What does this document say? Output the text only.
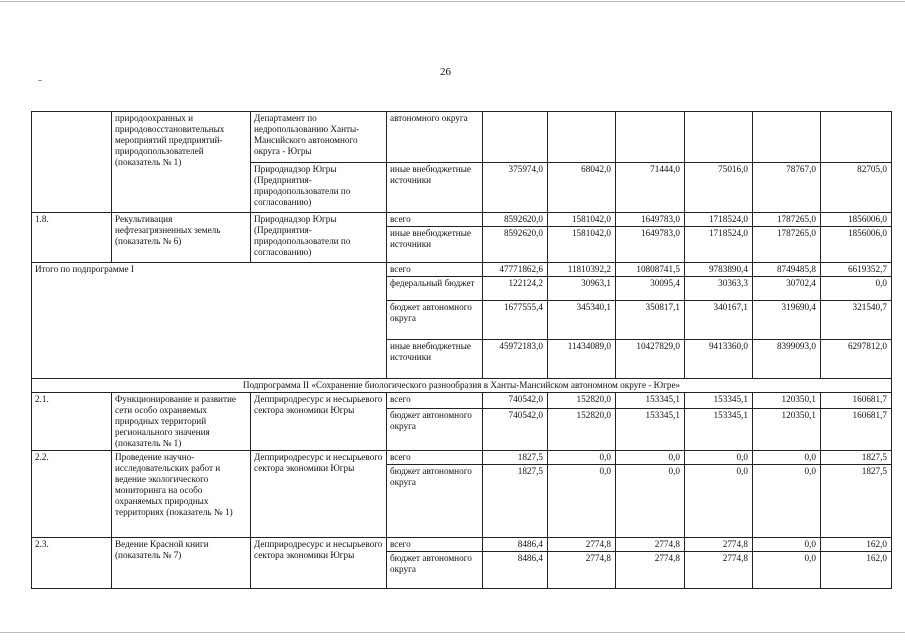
26
	природоохранных и природовосстановительных мероприятий предприятий-природопользователей (показатель № 1)	Департамент по недропользованию Ханты-Мансийского автономного округа - Югры	автономного округа						
		Природнадзор Югры (Предприятия-природопользователи по согласованию)	иные внебюджетные источники	375974,0	68042,0	71444,0	75016,0	78767,0	82705,0
1.8.	Рекультивация нефтезагрязненных земель (показатель № 6)	Природнадзор Югры (Предприятия-природопользователи по согласованию)	всего	8592620,0	1581042,0	1649783,0	1718524,0	1787265,0	1856006,0
			иные внебюджетные источники	8592620,0	1581042,0	1649783,0	1718524,0	1787265,0	1856006,0
Итого по подпрограмме I			всего	47771862,6	11810392,2	10808741,5	9783890,4	8749485,8	6619352,7
			федеральный бюджет	122124,2	30963,1	30095,4	30363,3	30702,4	0,0
			бюджет автономного округа	1677555,4	345340,1	350817,1	340167,1	319690,4	321540,7
			иные внебюджетные источники	45972183,0	11434089,0	10427829,0	9413360,0	8399093,0	6297812,0
Подпрограмма II «Сохранение биологического разнообразия в Ханты-Мансийском автономном округе - Югре»									
2.1.	Функционирование и развитие сети особо охраняемых природных территорий регионального значения (показатель № 1)	Депприродресурс и несырьевого сектора экономики Югры	всего	740542,0	152820,0	153345,1	153345,1	120350,1	160681,7
			бюджет автономного округа	740542,0	152820,0	153345,1	153345,1	120350,1	160681,7
2.2.	Проведение научно-исследовательских работ и ведение экологического мониторинга на особо охраняемых природных территориях (показатель № 1)	Депприродресурс и несырьевого сектора экономики Югры	всего	1827,5	0,0	0,0	0,0	0,0	1827,5
			бюджет автономного округа	1827,5	0,0	0,0	0,0	0,0	1827,5
2.3.	Ведение Красной книги (показатель № 7)	Депприродресурс и несырьевого сектора экономики Югры	всего	8486,4	2774,8	2774,8	2774,8	0,0	162,0
			бюджет автономного округа	8486,4	2774,8	2774,8	2774,8	0,0	162,0
